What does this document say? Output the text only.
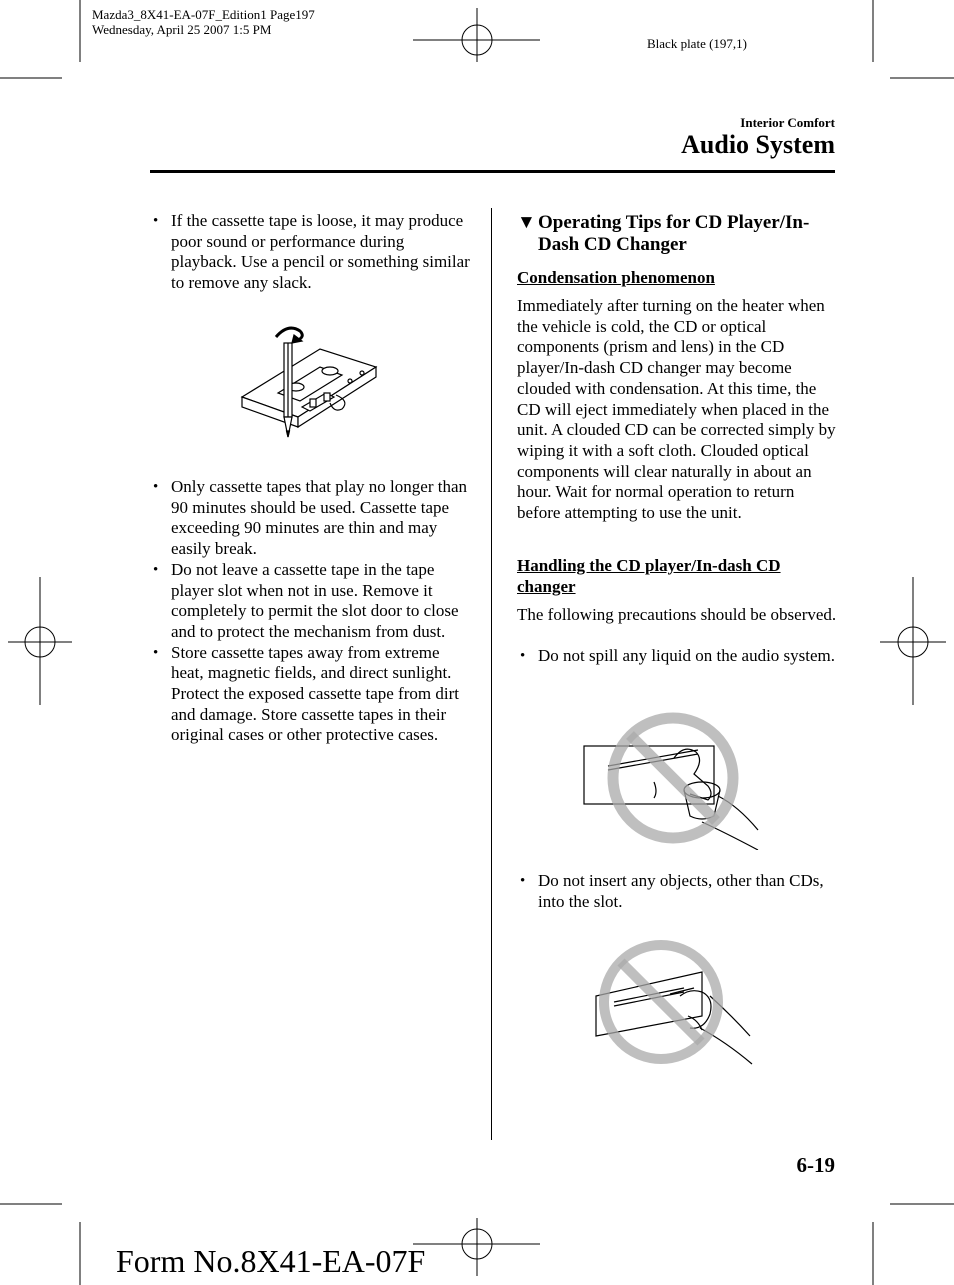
Mazda3_8X41-EA-07F_Edition1 Page197
Wednesday, April 25 2007 1:5 PM
Black plate (197,1)
Interior Comfort
Audio System
• If the cassette tape is loose, it may produce poor sound or performance during playback. Use a pencil or something similar to remove any slack.
• Only cassette tapes that play no longer than 90 minutes should be used. Cassette tape exceeding 90 minutes are thin and may easily break.
• Do not leave a cassette tape in the tape player slot when not in use. Remove it completely to permit the slot door to close and to protect the mechanism from dust.
• Store cassette tapes away from extreme heat, magnetic fields, and direct sunlight. Protect the exposed cassette tape from dirt and damage. Store cassette tapes in their original cases or other protective cases.
▼ Operating Tips for CD Player/In-Dash CD Changer
Condensation phenomenon
Immediately after turning on the heater when the vehicle is cold, the CD or optical components (prism and lens) in the CD player/In-dash CD changer may become clouded with condensation. At this time, the CD will eject immediately when placed in the unit. A clouded CD can be corrected simply by wiping it with a soft cloth. Clouded optical components will clear naturally in about an hour. Wait for normal operation to return before attempting to use the unit.
Handling the CD player/In-dash CD changer
The following precautions should be observed.
• Do not spill any liquid on the audio system.
• Do not insert any objects, other than CDs, into the slot.
6-19
Form No.8X41-EA-07F
